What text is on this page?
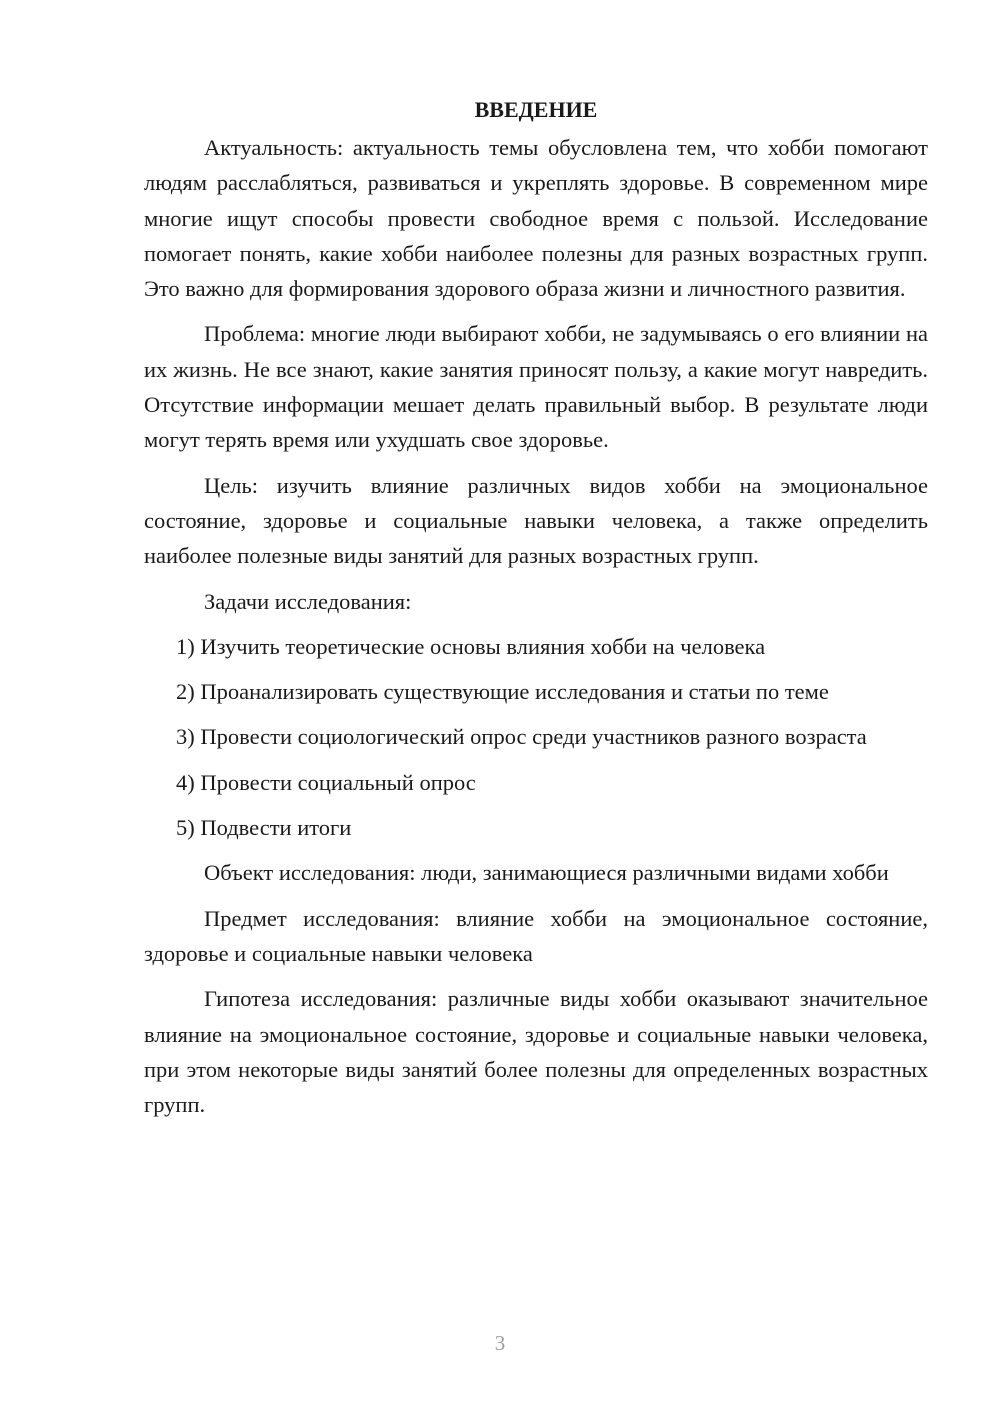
ВВЕДЕНИЕ

Актуальность: актуальность темы обусловлена тем, что хобби помогают людям расслабляться, развиваться и укреплять здоровье. В современном мире многие ищут способы провести свободное время с пользой. Исследование помогает понять, какие хобби наиболее полезны для разных возрастных групп. Это важно для формирования здорового образа жизни и личностного развития.

Проблема: многие люди выбирают хобби, не задумываясь о его влиянии на их жизнь. Не все знают, какие занятия приносят пользу, а какие могут навредить. Отсутствие информации мешает делать правильный выбор. В результате люди могут терять время или ухудшать свое здоровье.

Цель: изучить влияние различных видов хобби на эмоциональное состояние, здоровье и социальные навыки человека, а также определить наиболее полезные виды занятий для разных возрастных групп.

Задачи исследования:

1) Изучить теоретические основы влияния хобби на человека

2) Проанализировать существующие исследования и статьи по теме

3) Провести социологический опрос среди участников разного возраста

4) Провести социальный опрос

5) Подвести итоги

Объект исследования: люди, занимающиеся различными видами хобби

Предмет исследования: влияние хобби на эмоциональное состояние, здоровье и социальные навыки человека

Гипотеза исследования: различные виды хобби оказывают значительное влияние на эмоциональное состояние, здоровье и социальные навыки человека, при этом некоторые виды занятий более полезны для определенных возрастных групп.

3
